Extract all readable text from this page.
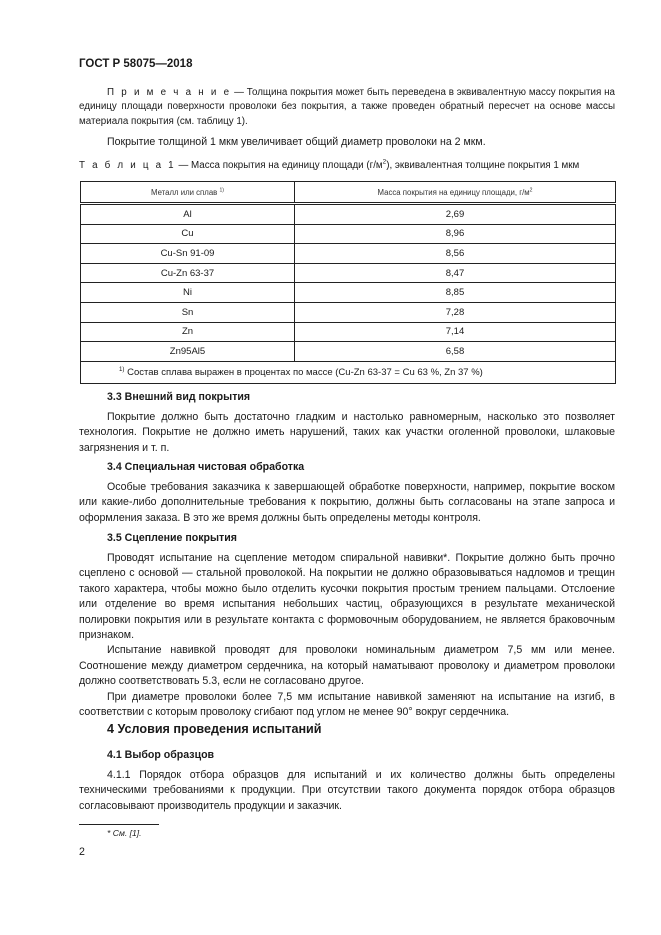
ГОСТ Р 58075—2018

П р и м е ч а н и е — Толщина покрытия может быть переведена в эквивалентную массу покрытия на единицу площади поверхности проволоки без покрытия, а также проведен обратный пересчет на основе массы материала покрытия (см. таблицу 1).

Покрытие толщиной 1 мкм увеличивает общий диаметр проволоки на 2 мкм.

Т а б л и ц а 1 — Масса покрытия на единицу площади $(г/м^2)$, эквивалентная толщине покрытия 1 мкм
Металл или сплав $^{1)}$	Масса покрытия на единицу площади, $г/м^2$
Al	2,69
Cu	8,96
Cu-Sn 91-09	8,56
Cu-Zn 63-37	8,47
Ni	8,85
Sn	7,28
Zn	7,14
Zn95Al5	6,58
$^{1)}$ Состав сплава выражен в процентах по массе (Cu-Zn 63-37 = Cu 63 %, Zn 37 %)	

3.3 Внешний вид покрытия

Покрытие должно быть достаточно гладким и настолько равномерным, насколько это позволяет технология. Покрытие не должно иметь нарушений, таких как участки оголенной проволоки, шлаковые загрязнения и т. п.

3.4 Специальная чистовая обработка

Особые требования заказчика к завершающей обработке поверхности, например, покрытие воском или какие-либо дополнительные требования к покрытию, должны быть согласованы на этапе запроса и оформления заказа. В это же время должны быть определены методы контроля.

3.5 Сцепление покрытия

Проводят испытание на сцепление методом спиральной навивки*. Покрытие должно быть прочно сцеплено с основой — стальной проволокой. На покрытии не должно образовываться надломов и трещин такого характера, чтобы можно было отделить кусочки покрытия простым трением пальцами. Отслоение или отделение во время испытания небольших частиц, образующихся в результате механической полировки покрытия или в результате контакта с формовочным оборудованием, не является браковочным признаком.

Испытание навивкой проводят для проволоки номинальным диаметром 7,5 мм или менее. Соотношение между диаметром сердечника, на который наматывают проволоку и диаметром проволоки должно соответствовать 5.3, если не согласовано другое.

При диаметре проволоки более 7,5 мм испытание навивкой заменяют на испытание на изгиб, в соответствии с которым проволоку сгибают под углом не менее 90° вокруг сердечника.

4 Условия проведения испытаний

4.1 Выбор образцов

4.1.1 Порядок отбора образцов для испытаний и их количество должны быть определены техническими требованиями к продукции. При отсутствии такого документа порядок отбора образцов согласовывают производитель продукции и заказчик.

* См. [1].
2
